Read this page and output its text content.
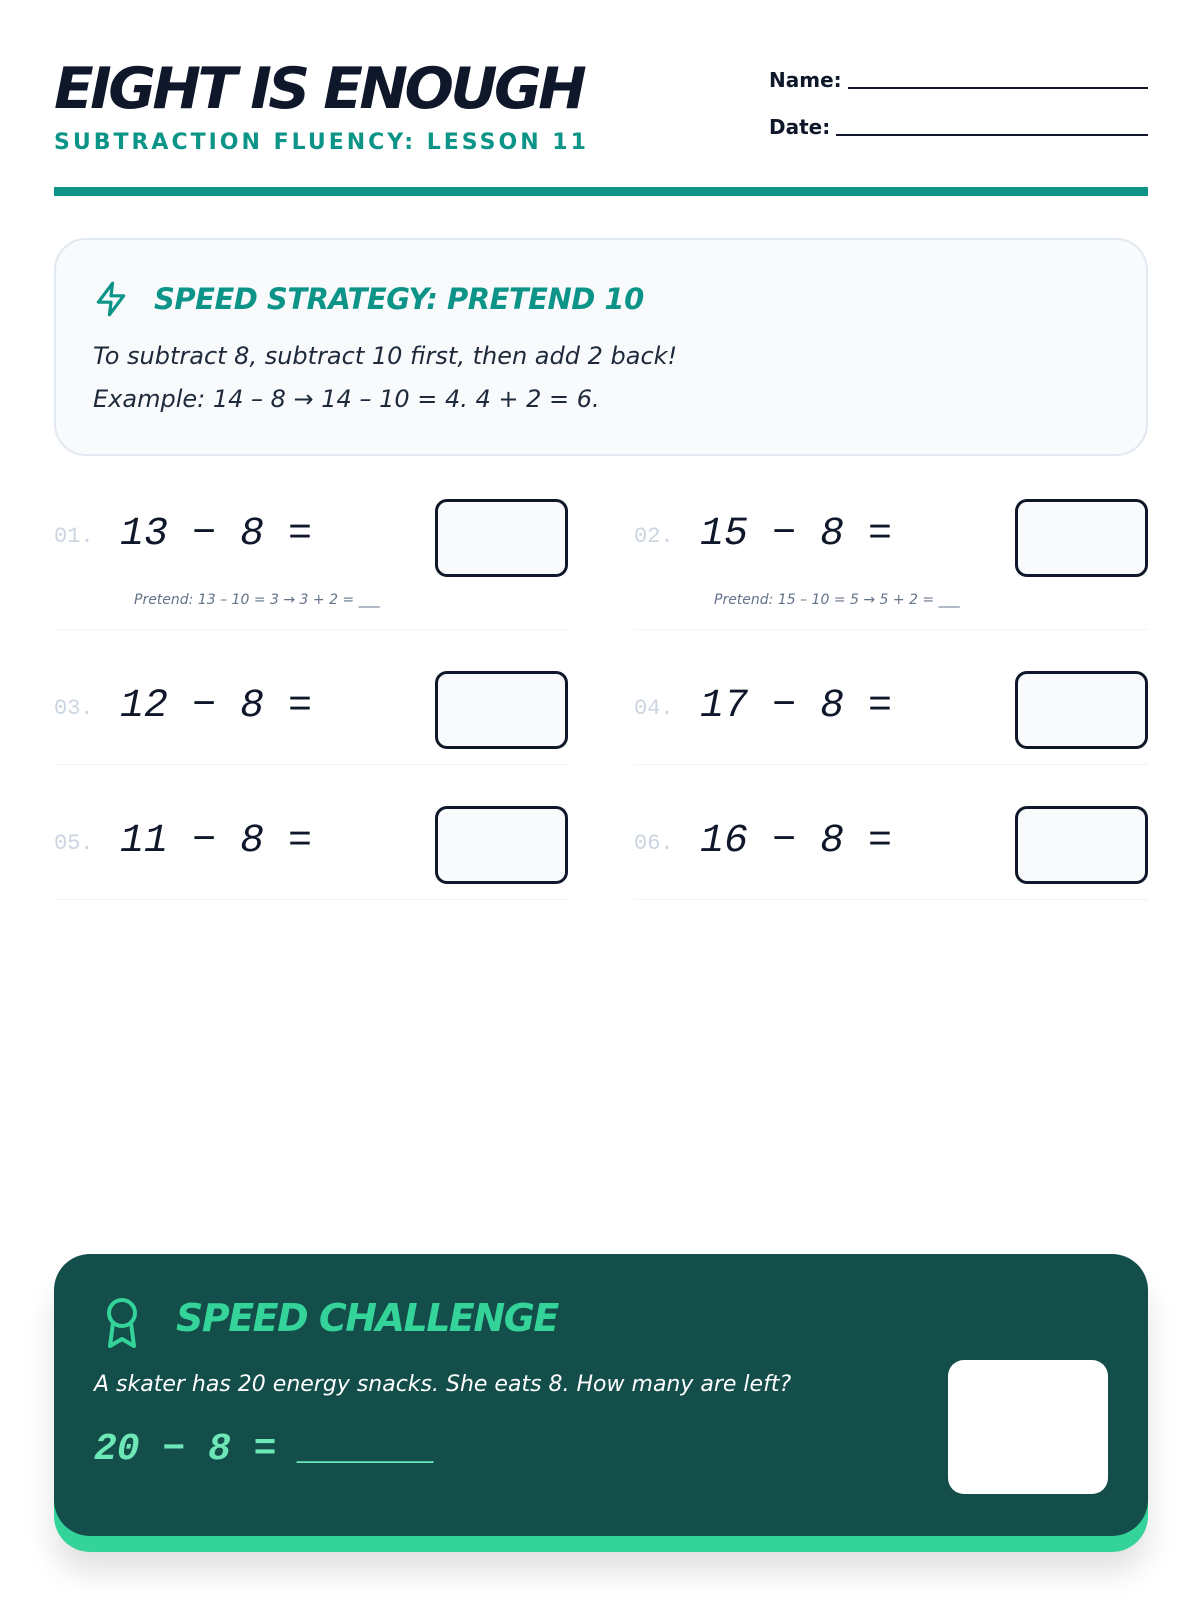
EIGHT IS ENOUGH
SUBTRACTION FLUENCY: LESSON 11
Name:
Date:
SPEED STRATEGY: PRETEND 10
To subtract 8, subtract 10 first, then add 2 back!
Example: 14 – 8 → 14 – 10 = 4. 4 + 2 = 6.
01. 13 − 8 =
Pretend: 13 – 10 = 3 → 3 + 2 = ___
02. 15 − 8 =
Pretend: 15 – 10 = 5 → 5 + 2 = ___
03. 12 − 8 =	04. 17 − 8 =
05. 11 − 8 =	06. 16 − 8 =
SPEED CHALLENGE
A skater has 20 energy snacks. She eats 8. How many are left?
20 − 8 = ______
